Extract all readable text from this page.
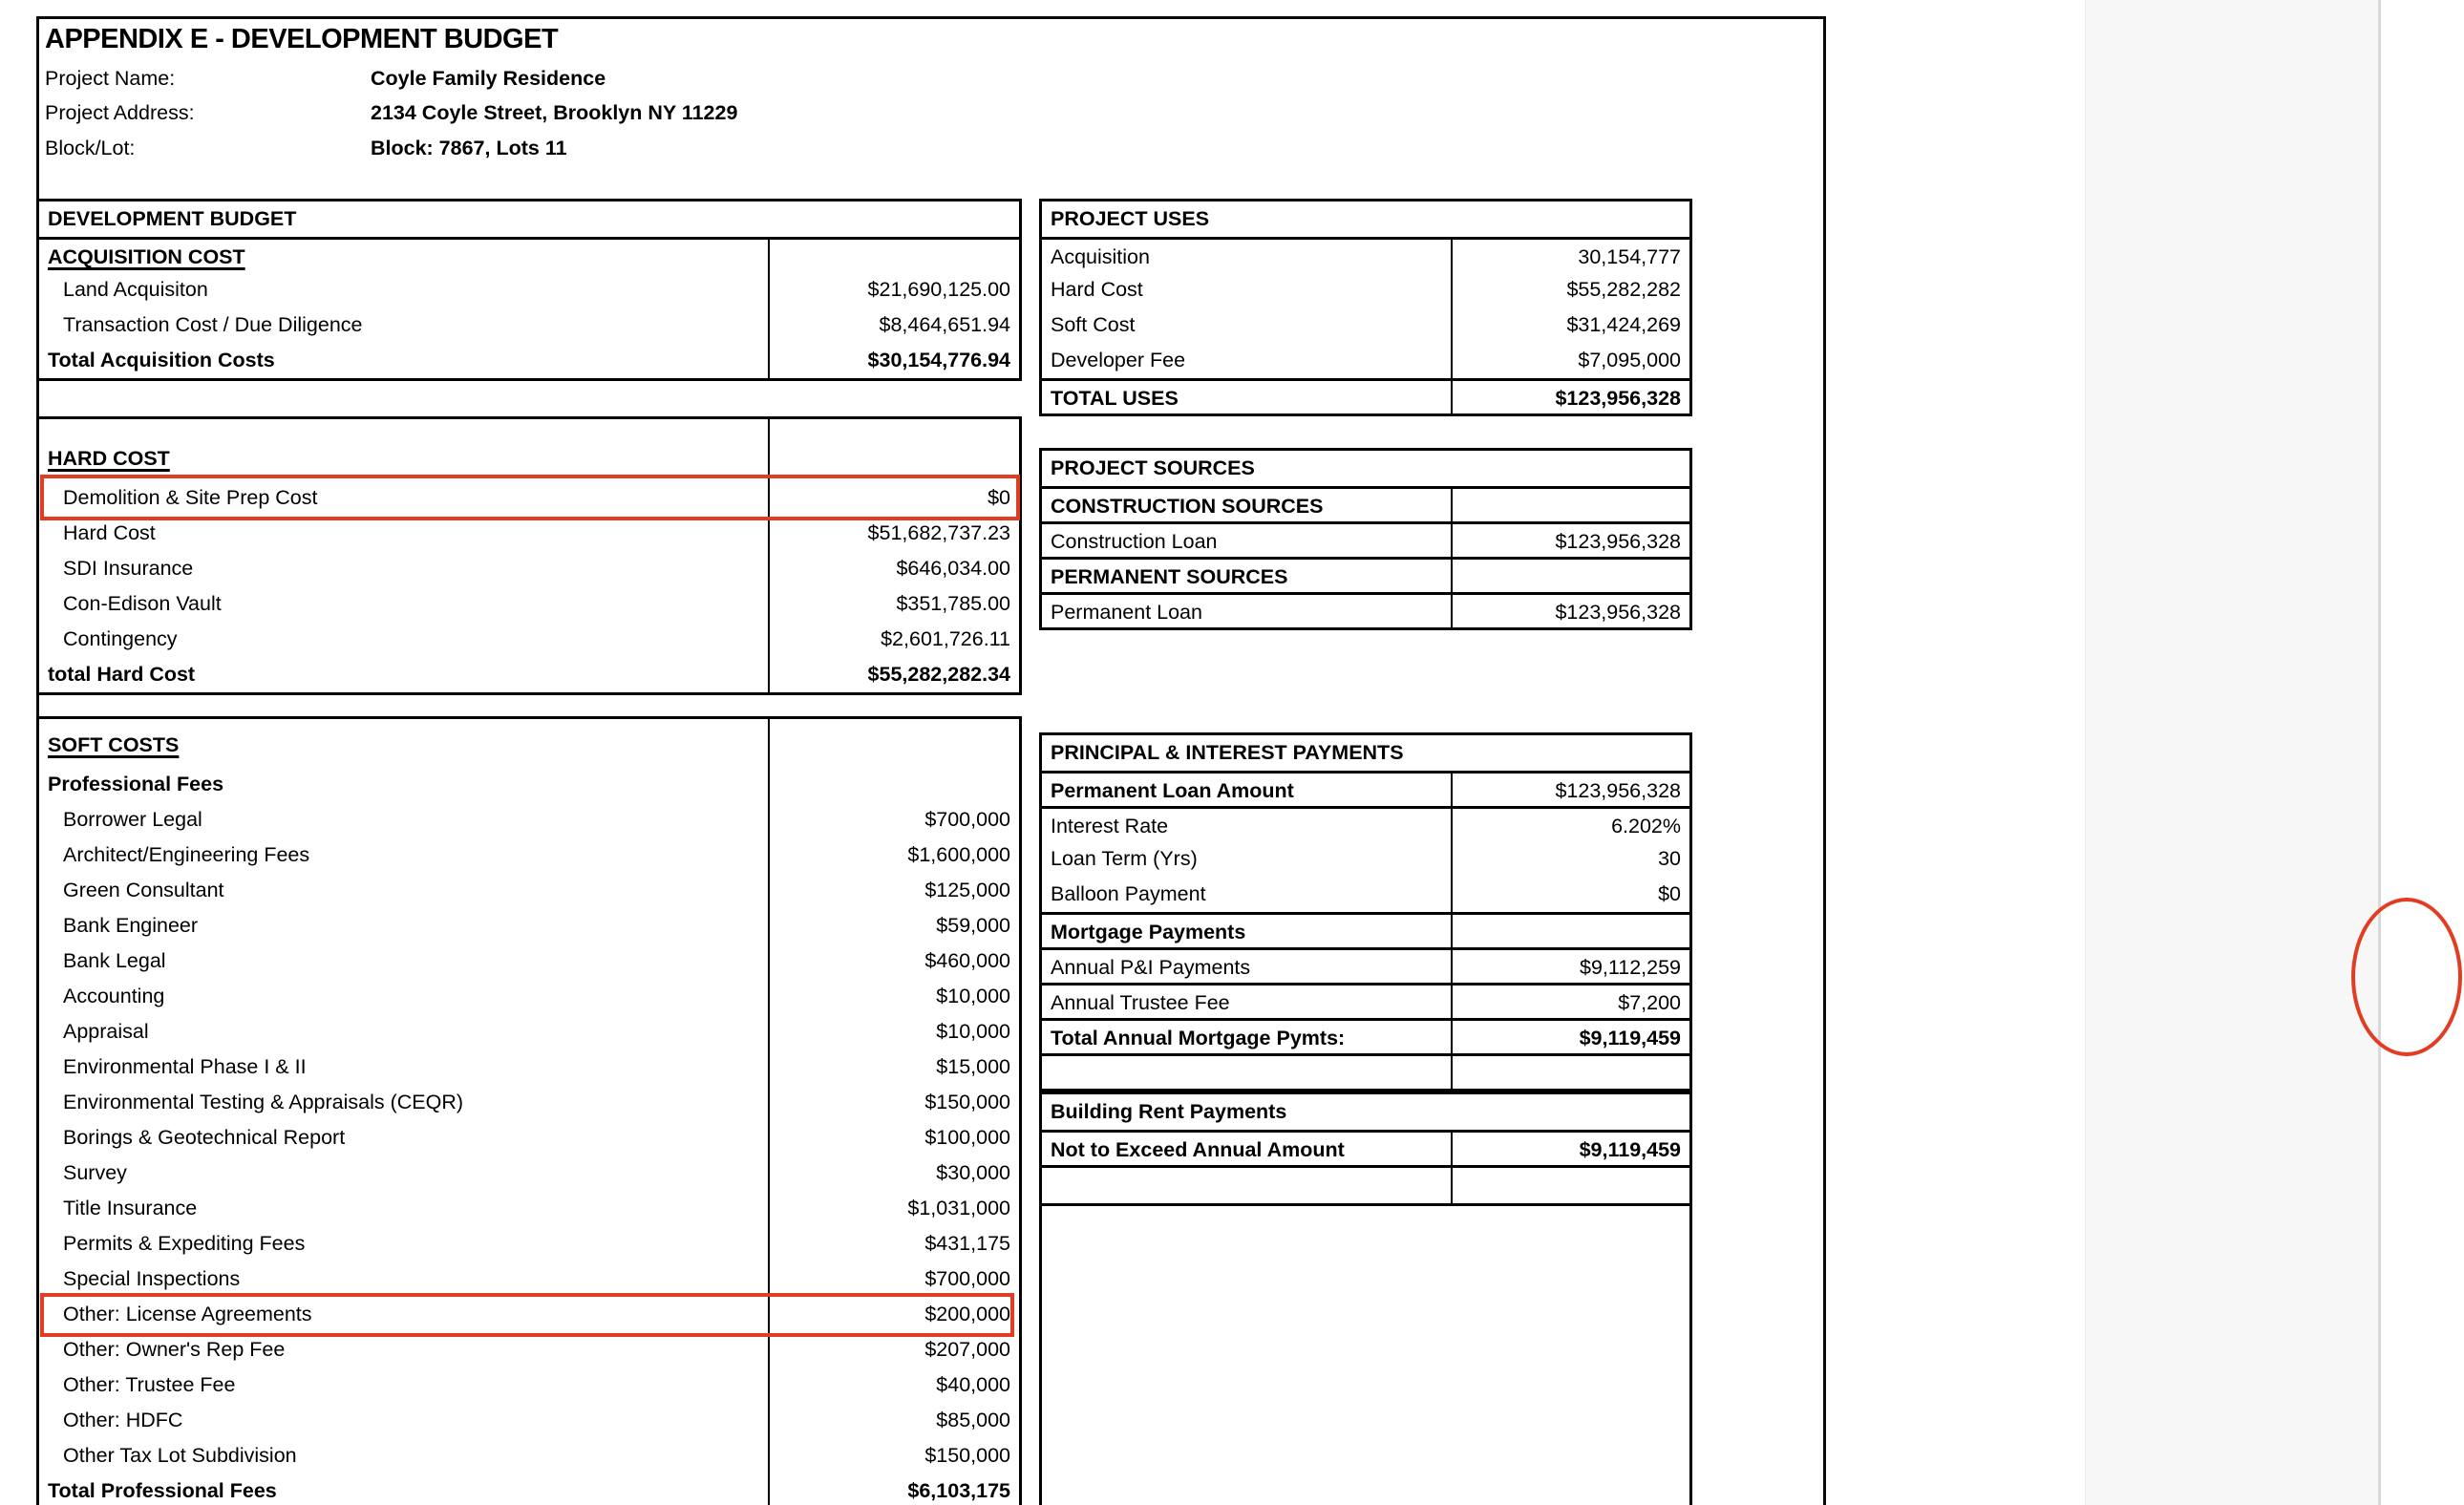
APPENDIX E - DEVELOPMENT BUDGET
Project Name:	Coyle Family Residence
Project Address:	2134 Coyle Street, Brooklyn NY 11229
Block/Lot:	Block: 7867, Lots 11
DEVELOPMENT BUDGET
ACQUISITION COST
Land Acquisiton	$21,690,125.00
Transaction Cost / Due Diligence	$8,464,651.94
Total Acquisition Costs	$30,154,776.94
HARD COST
Demolition & Site Prep Cost	$0
Hard Cost	$51,682,737.23
SDI Insurance	$646,034.00
Con-Edison Vault	$351,785.00
Contingency	$2,601,726.11
total Hard Cost	$55,282,282.34
SOFT COSTS
Professional Fees
Borrower Legal	$700,000
Architect/Engineering Fees	$1,600,000
Green Consultant	$125,000
Bank Engineer	$59,000
Bank Legal	$460,000
Accounting	$10,000
Appraisal	$10,000
Environmental Phase I & II	$15,000
Environmental Testing & Appraisals (CEQR)	$150,000
Borings & Geotechnical Report	$100,000
Survey	$30,000
Title Insurance	$1,031,000
Permits & Expediting Fees	$431,175
Special Inspections	$700,000
Other: License Agreements	$200,000
Other: Owner's Rep Fee	$207,000
Other: Trustee Fee	$40,000
Other: HDFC	$85,000
Other Tax Lot Subdivision	$150,000
Total Professional Fees	$6,103,175
PROJECT USES
Acquisition	30,154,777
Hard Cost	$55,282,282
Soft Cost	$31,424,269
Developer Fee	$7,095,000
TOTAL USES	$123,956,328
PROJECT SOURCES
CONSTRUCTION SOURCES
Construction Loan	$123,956,328
PERMANENT SOURCES
Permanent Loan	$123,956,328
PRINCIPAL & INTEREST PAYMENTS
Permanent Loan Amount	$123,956,328
Interest Rate	6.202%
Loan Term (Yrs)	30
Balloon Payment	$0
Mortgage Payments
Annual P&I Payments	$9,112,259
Annual Trustee Fee	$7,200
Total Annual Mortgage Pymts:	$9,119,459
Building Rent Payments
Not to Exceed Annual Amount	$9,119,459
